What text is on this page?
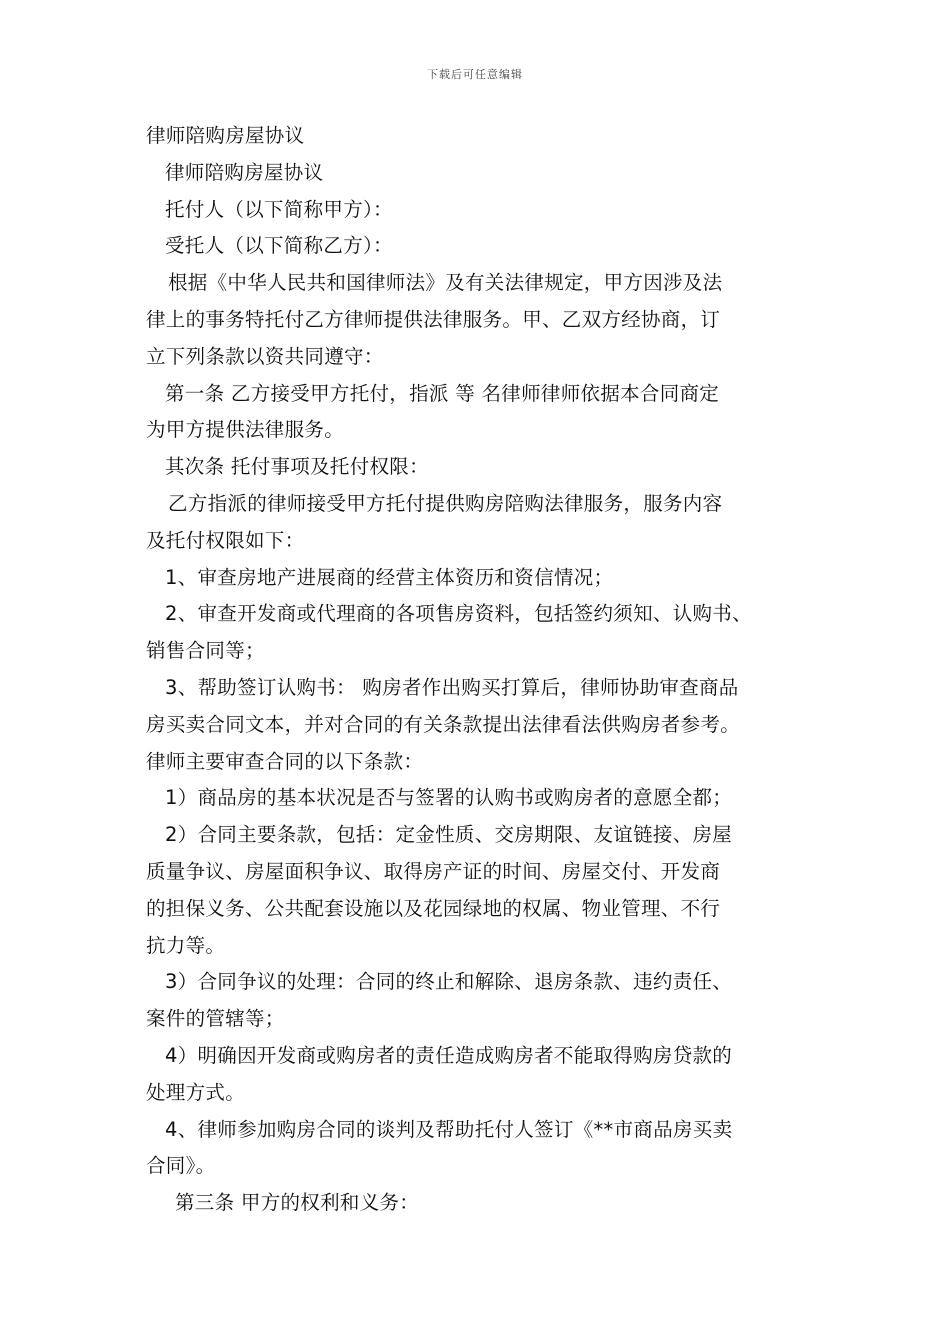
下载后可任意编辑
律师陪购房屋协议
律师陪购房屋协议
托付人（以下简称甲方）：
受托人（以下简称乙方）：
根据《中华人民共和国律师法》及有关法律规定，甲方因涉及法
律上的事务特托付乙方律师提供法律服务。甲、乙双方经协商，订
立下列条款以资共同遵守：
第一条 乙方接受甲方托付，指派 等 名律师律师依据本合同商定
为甲方提供法律服务。
其次条 托付事项及托付权限：
乙方指派的律师接受甲方托付提供购房陪购法律服务，服务内容
及托付权限如下：
1、审查房地产进展商的经营主体资历和资信情况；
2、审查开发商或代理商的各项售房资料，包括签约须知、认购书、
销售合同等；
3、帮助签订认购书： 购房者作出购买打算后，律师协助审查商品
房买卖合同文本，并对合同的有关条款提出法律看法供购房者参考。
律师主要审查合同的以下条款：
1）商品房的基本状况是否与签署的认购书或购房者的意愿全都；
2）合同主要条款，包括：定金性质、交房期限、友谊链接、房屋
质量争议、房屋面积争议、取得房产证的时间、房屋交付、开发商
的担保义务、公共配套设施以及花园绿地的权属、物业管理、不行
抗力等。
3）合同争议的处理：合同的终止和解除、退房条款、违约责任、
案件的管辖等；
4）明确因开发商或购房者的责任造成购房者不能取得购房贷款的
处理方式。
4、律师参加购房合同的谈判及帮助托付人签订《**市商品房买卖
合同》。
第三条 甲方的权利和义务：
